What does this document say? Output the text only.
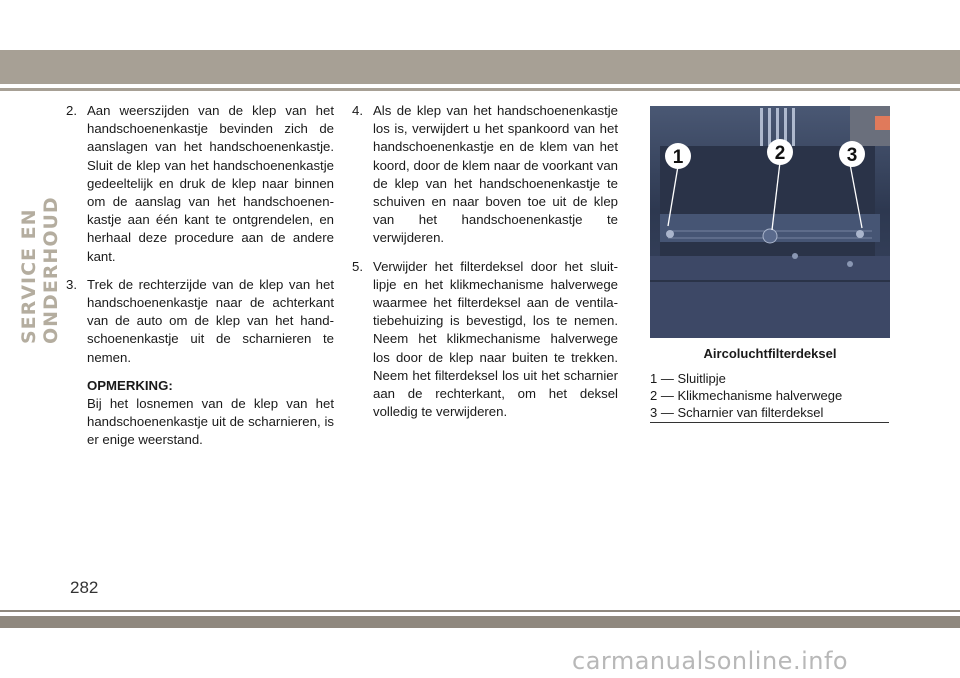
SERVICE EN ONDERHOUD

2. Aan weerszijden van de klep van het handschoenenkastje bevinden zich de aanslagen van het handschoenenkastje. Sluit de klep van het handschoenenkastje gedeeltelijk en druk de klep naar binnen om de aanslag van het handschoenen-kastje aan één kant te ontgrendelen, en herhaal deze procedure aan de andere kant.

3. Trek de rechterzijde van de klep van het handschoenenkastje naar de achterkant van de auto om de klep van het hand-schoenenkastje uit de scharnieren te nemen.

OPMERKING:
Bij het losnemen van de klep van het handschoenenkastje uit de scharnieren, is er enige weerstand.

4. Als de klep van het handschoenenkastje los is, verwijdert u het spankoord van het handschoenenkastje en de klem van het koord, door de klem naar de voorkant van de klep van het handschoenenkastje te schuiven en naar boven toe uit de klep van het handschoenenkastje te verwijderen.

5. Verwijder het filterdeksel door het sluit-lipje en het klikmechanisme halverwege waarmee het filterdeksel aan de ventila-tiebehuizing is bevestigd, los te nemen. Neem het klikmechanisme halverwege los door de klep naar buiten te trekken. Neem het filterdeksel los uit het scharnier aan de rechterkant, om het deksel volledig te verwijderen.

1	2	3
Aircoluchtfilterdeksel
1 — Sluitlipje
2 — Klikmechanisme halverwege
3 — Scharnier van filterdeksel
282
carmanualsonline.info
